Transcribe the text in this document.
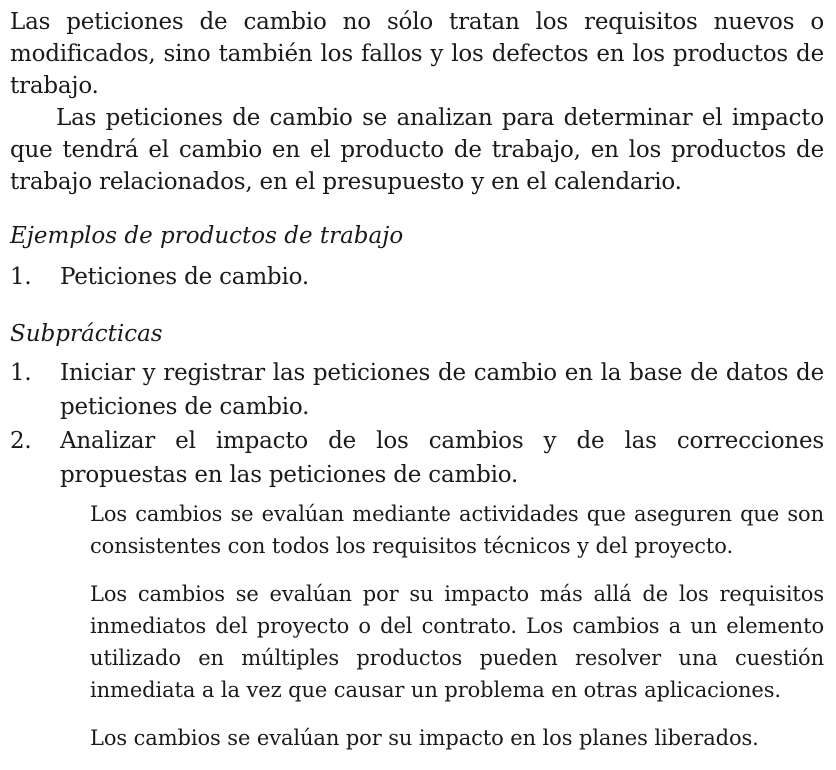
Las peticiones de cambio no sólo tratan los requisitos nuevos o modificados, sino también los fallos y los defectos en los productos de trabajo.

Las peticiones de cambio se analizan para determinar el impacto que tendrá el cambio en el producto de trabajo, en los productos de trabajo relacionados, en el presupuesto y en el calendario.

Ejemplos de productos de trabajo

1.	Peticiones de cambio.

Subprácticas

1.	Iniciar y registrar las peticiones de cambio en la base de datos de peticiones de cambio.
2.	Analizar el impacto de los cambios y de las correcciones propuestas en las peticiones de cambio.

Los cambios se evalúan mediante actividades que aseguren que son consistentes con todos los requisitos técnicos y del proyecto.

Los cambios se evalúan por su impacto más allá de los requisitos inmediatos del proyecto o del contrato. Los cambios a un elemento utilizado en múltiples productos pueden resolver una cuestión inmediata a la vez que causar un problema en otras aplicaciones.

Los cambios se evalúan por su impacto en los planes liberados.
